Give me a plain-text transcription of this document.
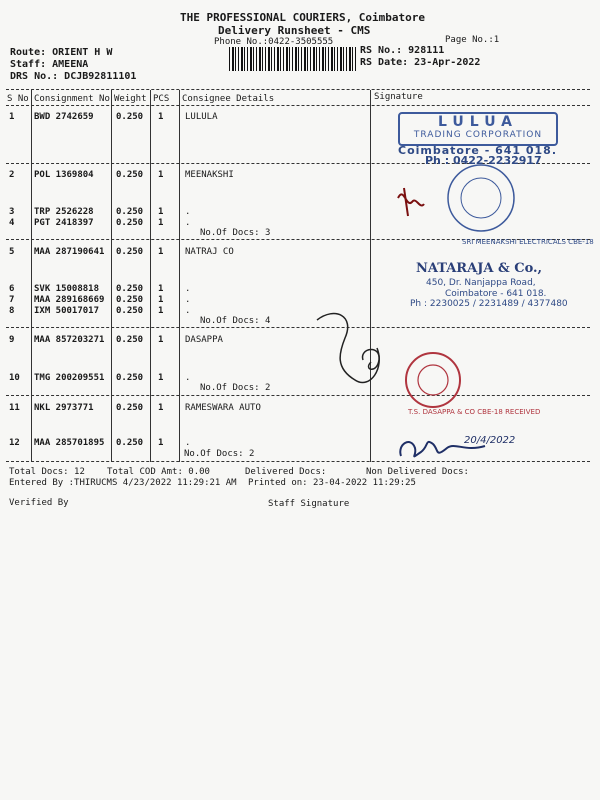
THE PROFESSIONAL COURIERS, Coimbatore
Delivery Runsheet - CMS
Phone No.:0422-3505555	Page No.:1
Route: ORIENT H W
Staff: AMEENA
DRS No.: DCJB92811101
RS No.: 928111
RS Date: 23-Apr-2022
S No Consignment No Weight PCS Consignee Details	Signature
1 BWD 2742659 0.250 1 LULULA
2 POL 1369804 0.250 1 MEENAKSHI
3 TRP 2526228 0.250 1 .
4 PGT 2418397 0.250 1 .
No.Of Docs: 3
5 MAA 287190641 0.250 1 NATRAJ CO
6 SVK 15008818 0.250 1 .
7 MAA 289168669 0.250 1 .
8 IXM 50017017 0.250 1 .
No.Of Docs: 4
9 MAA 857203271 0.250 1 DASAPPA
10 TMG 200209551 0.250 1 .
No.Of Docs: 2
11 NKL 2973771 0.250 1 RAMESWARA AUTO
12 MAA 285701895 0.250 1 .
No.Of Docs: 2
Total Docs: 12 Total COD Amt: 0.00	Delivered Docs:	Non Delivered Docs:
Entered By :THIRUCMS 4/23/2022 11:29:21 AM Printed on: 23-04-2022 11:29:25
Verified By	Staff Signature
LULUA
TRADING CORPORATION
Coimbatore - 641 018.
Ph : 0422-2232917
SRI MEENAKSHI ELECTRICALS CBE-18
NATARAJA & Co.,
450, Dr. Nanjappa Road,
Coimbatore - 641 018.
Ph : 2230025 / 2231489 / 4377480
T.S. DASAPPA & CO CBE-18 RECEIVED
20/4/2022
